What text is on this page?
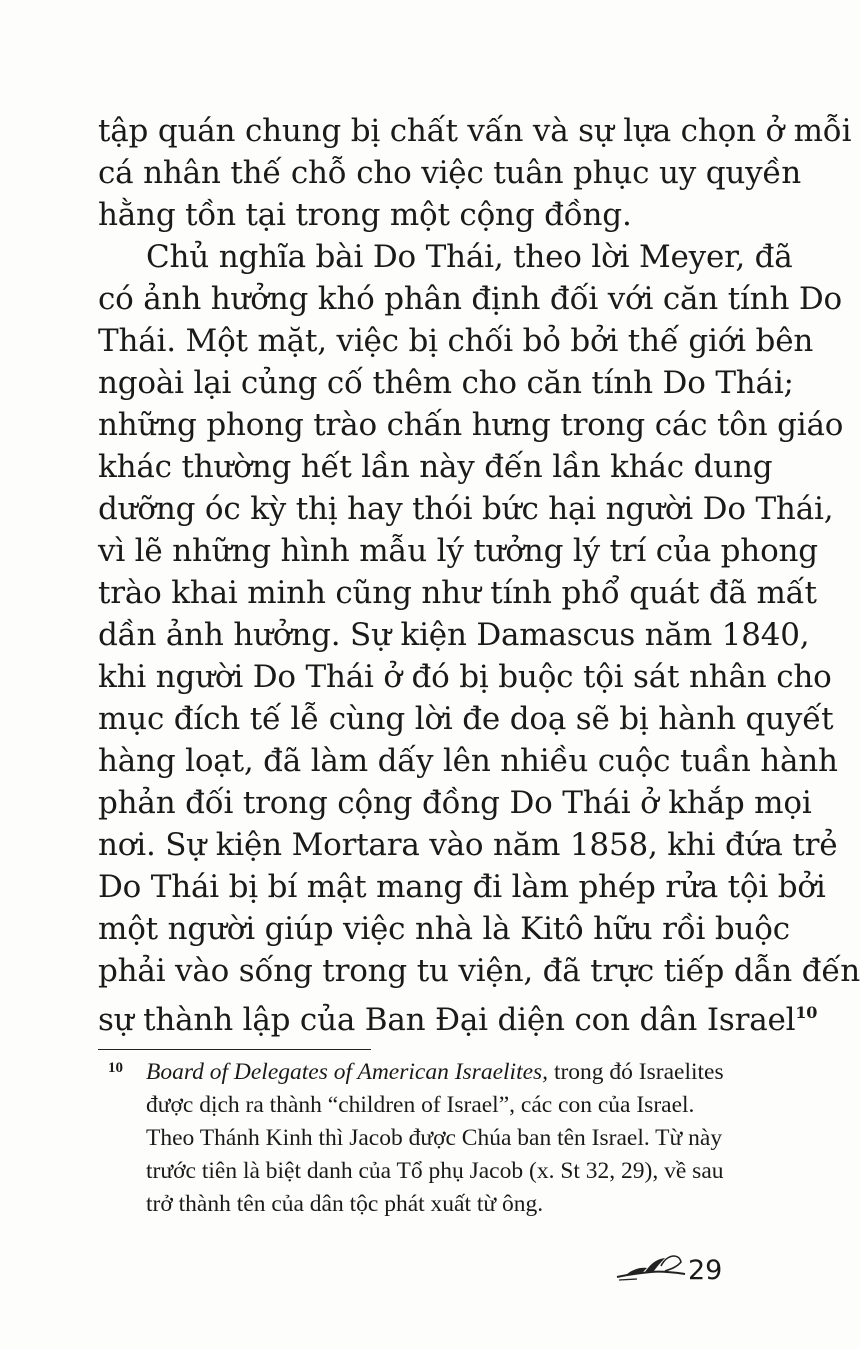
tập quán chung bị chất vấn và sự lựa chọn ở mỗi
cá nhân thế chỗ cho việc tuân phục uy quyền
hằng tồn tại trong một cộng đồng.
Chủ nghĩa bài Do Thái, theo lời Meyer, đã
có ảnh hưởng khó phân định đối với căn tính Do
Thái. Một mặt, việc bị chối bỏ bởi thế giới bên
ngoài lại củng cố thêm cho căn tính Do Thái;
những phong trào chấn hưng trong các tôn giáo
khác thường hết lần này đến lần khác dung
dưỡng óc kỳ thị hay thói bức hại người Do Thái,
vì lẽ những hình mẫu lý tưởng lý trí của phong
trào khai minh cũng như tính phổ quát đã mất
dần ảnh hưởng. Sự kiện Damascus năm 1840,
khi người Do Thái ở đó bị buộc tội sát nhân cho
mục đích tế lễ cùng lời đe doạ sẽ bị hành quyết
hàng loạt, đã làm dấy lên nhiều cuộc tuần hành
phản đối trong cộng đồng Do Thái ở khắp mọi
nơi. Sự kiện Mortara vào năm 1858, khi đứa trẻ
Do Thái bị bí mật mang đi làm phép rửa tội bởi
một người giúp việc nhà là Kitô hữu rồi buộc
phải vào sống trong tu viện, đã trực tiếp dẫn đến
sự thành lập của Ban Đại diện con dân Israel$^{10}$
10 Board of Delegates of American Israelites, trong đó Israelites
được dịch ra thành “children of Israel”, các con của Israel.
Theo Thánh Kinh thì Jacob được Chúa ban tên Israel. Từ này
trước tiên là biệt danh của Tổ phụ Jacob (x. St 32, 29), về sau
trở thành tên của dân tộc phát xuất từ ông.
29
